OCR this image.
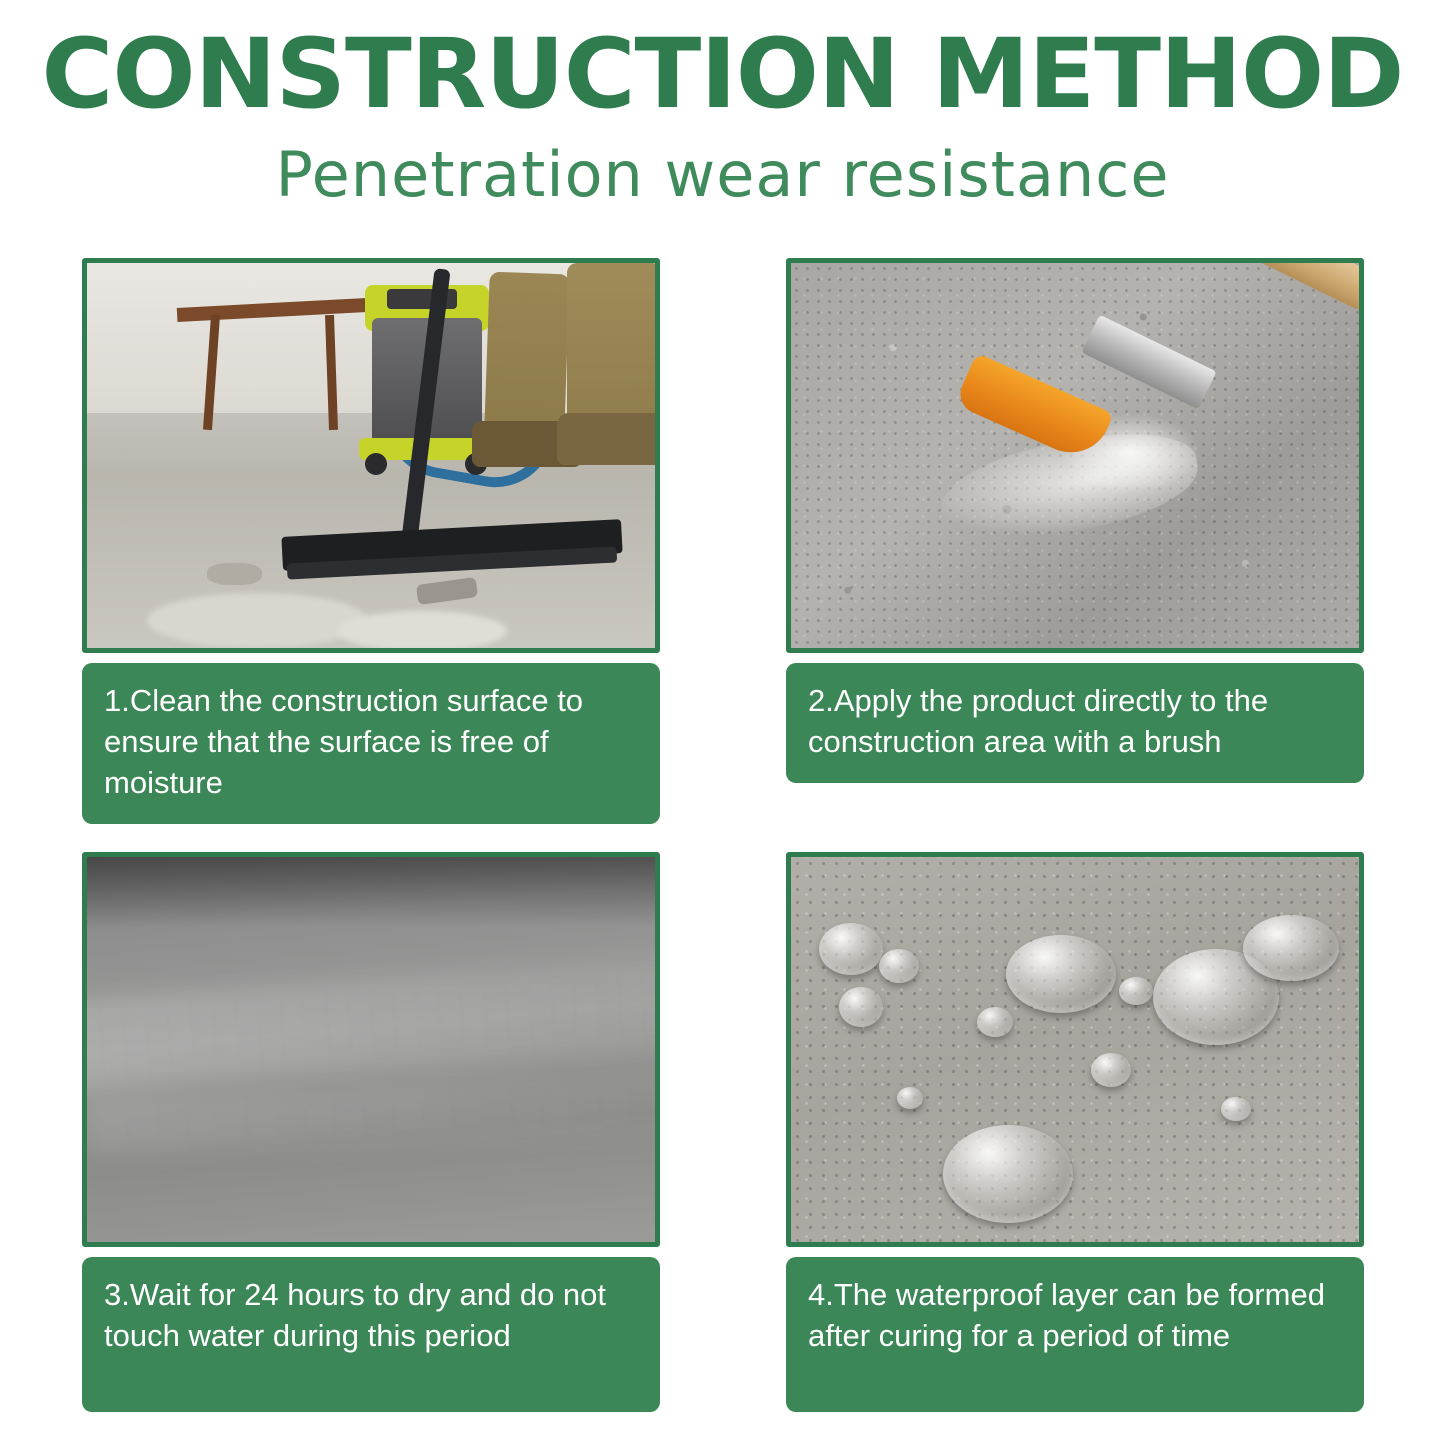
CONSTRUCTION METHOD
Penetration wear resistance
1.Clean the construction surface to ensure that the surface is free of moisture
2.Apply the product directly to the construction area with a brush
3.Wait for 24 hours to dry and do not touch water during this period
4.The waterproof layer can be formed after curing for a period of time
